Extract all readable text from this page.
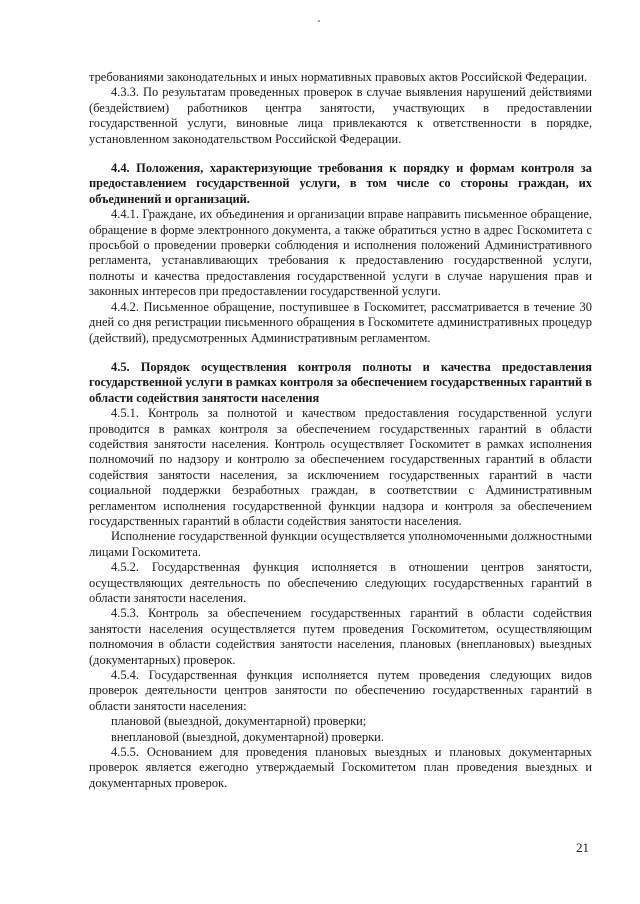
требованиями законодательных и иных нормативных правовых актов Российской Федерации.

4.3.3. По результатам проведенных проверок в случае выявления нарушений действиями (бездействием) работников центра занятости, участвующих в предоставлении государственной услуги, виновные лица привлекаются к ответственности в порядке, установленном законодательством Российской Федерации.

4.4. Положения, характеризующие требования к порядку и формам контроля за предоставлением государственной услуги, в том числе со стороны граждан, их объединений и организаций.

4.4.1. Граждане, их объединения и организации вправе направить письменное обращение, обращение в форме электронного документа, а также обратиться устно в адрес Госкомитета с просьбой о проведении проверки соблюдения и исполнения положений Административного регламента, устанавливающих требования к предоставлению государственной услуги, полноты и качества предоставления государственной услуги в случае нарушения прав и законных интересов при предоставлении государственной услуги.

4.4.2. Письменное обращение, поступившее в Госкомитет, рассматривается в течение 30 дней со дня регистрации письменного обращения в Госкомитете административных процедур (действий), предусмотренных Административным регламентом.

4.5. Порядок осуществления контроля полноты и качества предоставления государственной услуги в рамках контроля за обеспечением государственных гарантий в области содействия занятости населения

4.5.1. Контроль за полнотой и качеством предоставления государственной услуги проводится в рамках контроля за обеспечением государственных гарантий в области содействия занятости населения. Контроль осуществляет Госкомитет в рамках исполнения полномочий по надзору и контролю за обеспечением государственных гарантий в области содействия занятости населения, за исключением государственных гарантий в части социальной поддержки безработных граждан, в соответствии с Административным регламентом исполнения государственной функции надзора и контроля за обеспечением государственных гарантий в области содействия занятости населения.

Исполнение государственной функции осуществляется уполномоченными должностными лицами Госкомитета.

4.5.2. Государственная функция исполняется в отношении центров занятости, осуществляющих деятельность по обеспечению следующих государственных гарантий в области занятости населения.

4.5.3. Контроль за обеспечением государственных гарантий в области содействия занятости населения осуществляется путем проведения Госкомитетом, осуществляющим полномочия в области содействия занятости населения, плановых (внеплановых) выездных (документарных) проверок.

4.5.4. Государственная функция исполняется путем проведения следующих видов проверок деятельности центров занятости по обеспечению государственных гарантий в области занятости населения:

плановой (выездной, документарной) проверки;

внеплановой (выездной, документарной) проверки.

4.5.5. Основанием для проведения плановых выездных и плановых документарных проверок является ежегодно утверждаемый Госкомитетом план проведения выездных и документарных проверок.

21
